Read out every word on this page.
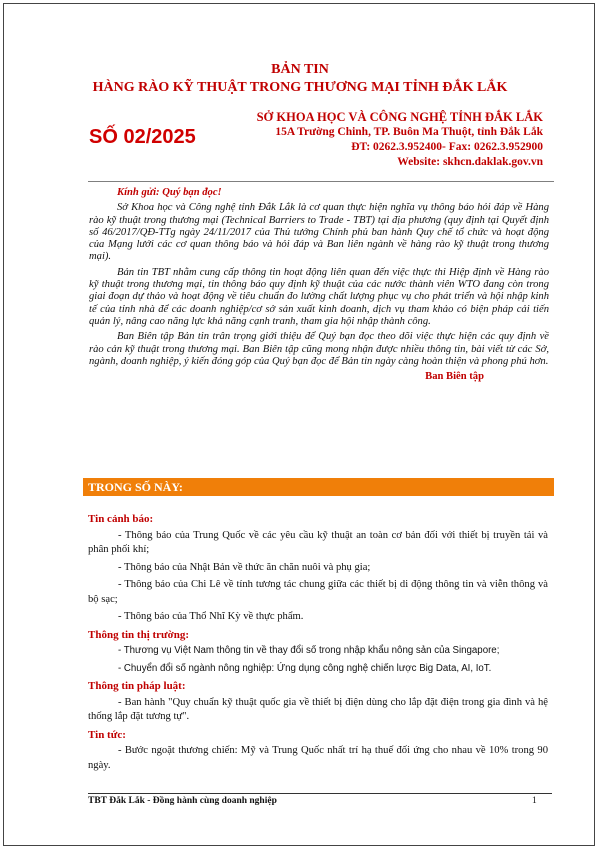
BẢN TIN
HÀNG RÀO KỸ THUẬT TRONG THƯƠNG MẠI TỈNH ĐẮK LẮK
SỐ 02/2025
SỞ KHOA HỌC VÀ CÔNG NGHỆ TỈNH ĐẮK LẮK
15A Trường Chinh, TP. Buôn Ma Thuột, tỉnh Đắk Lắk
ĐT: 0262.3.952400- Fax: 0262.3.952900
Website: skhcn.daklak.gov.vn

Kính gửi: Quý bạn đọc!

Sở Khoa học và Công nghệ tỉnh Đắk Lắk là cơ quan thực hiện nghĩa vụ thông báo hỏi đáp về Hàng rào kỹ thuật trong thương mại (Technical Barriers to Trade - TBT) tại địa phương (quy định tại Quyết định số 46/2017/QĐ-TTg ngày 24/11/2017 của Thủ tướng Chính phủ ban hành Quy chế tổ chức và hoạt động của Mạng lưới các cơ quan thông báo và hỏi đáp và Ban liên ngành về hàng rào kỹ thuật trong thương mại).

Bản tin TBT nhằm cung cấp thông tin hoạt động liên quan đến việc thực thi Hiệp định về Hàng rào kỹ thuật trong thương mại, tin thông báo quy định kỹ thuật của các nước thành viên WTO đang còn trong giai đoạn dự thảo và hoạt động về tiêu chuẩn đo lường chất lượng phục vụ cho phát triển và hội nhập kinh tế của tỉnh nhà để các doanh nghiệp/cơ sở sản xuất kinh doanh, dịch vụ tham khảo có biện pháp cải tiến quản lý, nâng cao năng lực khả năng cạnh tranh, tham gia hội nhập thành công.

Ban Biên tập Bản tin trân trọng giới thiệu để Quý bạn đọc theo dõi việc thực hiện các quy định về rào cản kỹ thuật trong thương mại. Ban Biên tập cũng mong nhận được nhiều thông tin, bài viết từ các Sở, ngành, doanh nghiệp, ý kiến đóng góp của Quý bạn đọc để Bản tin ngày càng hoàn thiện và phong phú hơn.

Ban Biên tập

TRONG SỐ NÀY:
Tin cảnh báo:

- Thông báo của Trung Quốc về các yêu cầu kỹ thuật an toàn cơ bản đối với thiết bị truyền tải và phân phối khí;

- Thông báo của Nhật Bản về thức ăn chăn nuôi và phụ gia;

- Thông báo của Chi Lê về tính tương tác chung giữa các thiết bị di động thông tin và viễn thông và bộ sạc;

- Thông báo của Thổ Nhĩ Kỳ về thực phẩm.

Thông tin thị trường:

- Thương vụ Việt Nam thông tin về thay đổi số trong nhập khẩu nông sản của Singapore;

- Chuyển đổi số ngành nông nghiệp: Ứng dụng công nghệ chiến lược Big Data, AI, IoT.

Thông tin pháp luật:

- Ban hành "Quy chuẩn kỹ thuật quốc gia về thiết bị điện dùng cho lắp đặt điện trong gia đình và hệ thống lắp đặt tương tự".

Tin tức:

- Bước ngoặt thương chiến: Mỹ và Trung Quốc nhất trí hạ thuế đối ứng cho nhau về 10% trong 90 ngày.

TBT Đắk Lắk - Đồng hành cùng doanh nghiệp	1
